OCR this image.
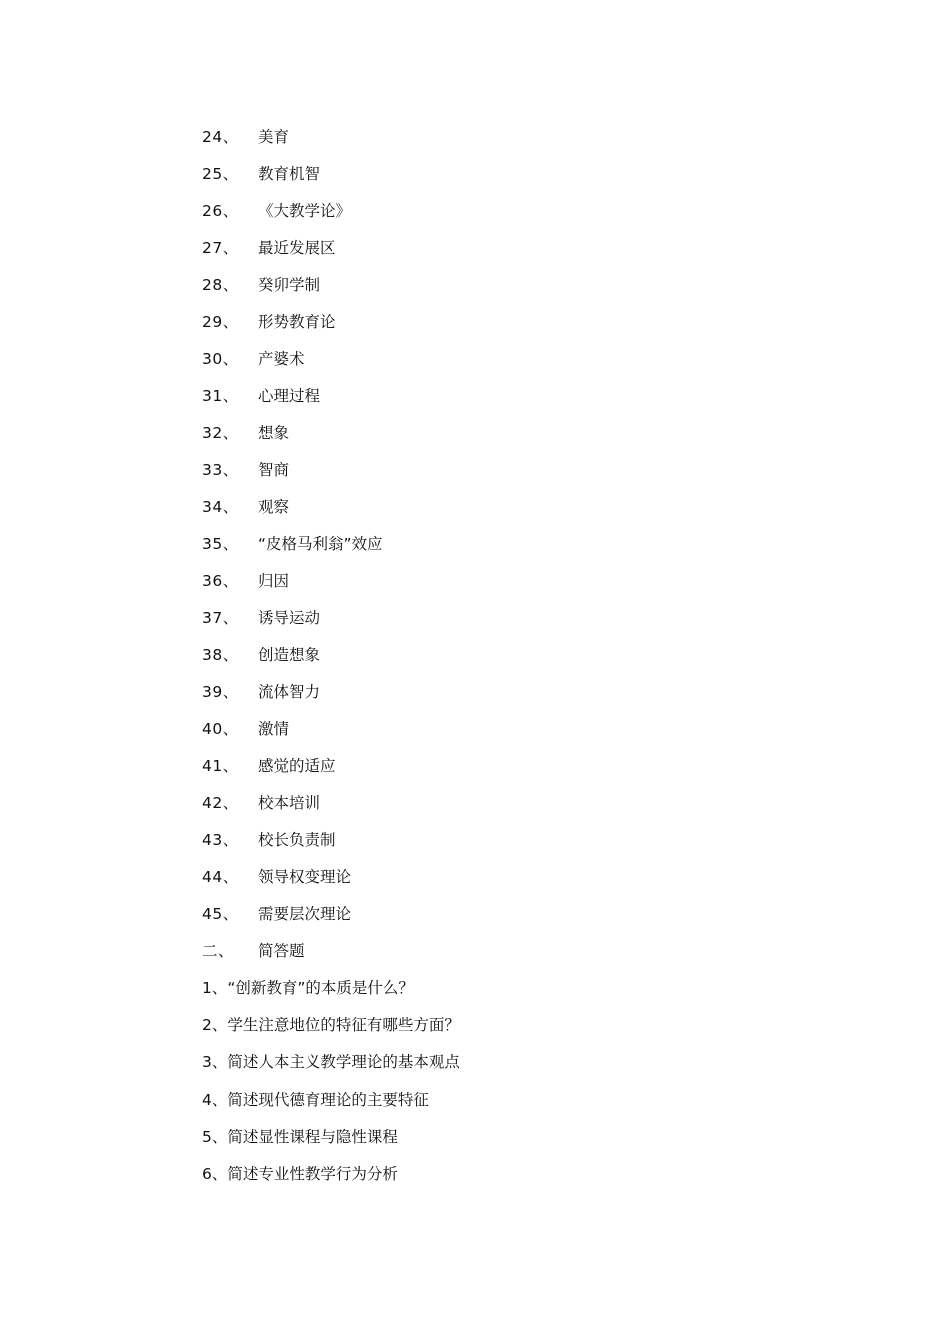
24、 美育
25、 教育机智
26、 《大教学论》
27、 最近发展区
28、 癸卯学制
29、 形势教育论
30、 产婆术
31、 心理过程
32、 想象
33、 智商
34、 观察
35、 “皮格马利翁”效应
36、 归因
37、 诱导运动
38、 创造想象
39、 流体智力
40、 激情
41、 感觉的适应
42、 校本培训
43、 校长负责制
44、 领导权变理论
45、 需要层次理论
二、 简答题
1、“创新教育”的本质是什么？
2、学生注意地位的特征有哪些方面？
3、简述人本主义教学理论的基本观点
4、简述现代德育理论的主要特征
5、简述显性课程与隐性课程
6、简述专业性教学行为分析
